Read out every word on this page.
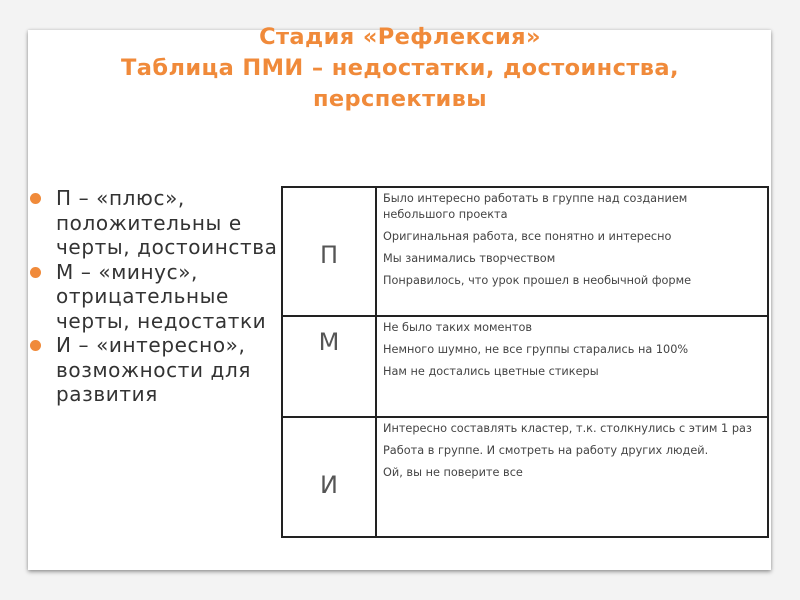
Стадия «Рефлексия»
Таблица ПМИ – недостатки, достоинства,
перспективы
П – «плюс», положительны е черты, достоинства
М – «минус», отрицательные черты, недостатки
И – «интересно», возможности для развития
П	Было интересно работать в группе над созданием небольшого проекта
Оригинальная работа, все понятно и интересно
Мы занимались творчеством
Понравилось, что урок прошел в необычной форме

М	Не было таких моментов
Немного шумно, не все группы старались на 100%
Нам не достались цветные стикеры

И	Интересно составлять кластер, т.к. столкнулись с этим 1 раз
Работа в группе. И смотреть на работу других людей.
Ой, вы не поверите все
